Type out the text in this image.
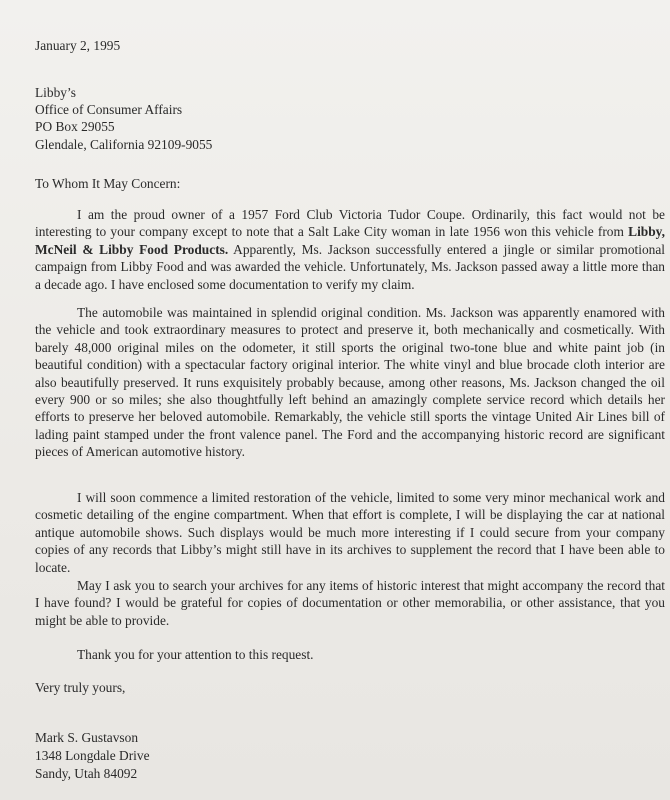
January 2, 1995

Libby’s
Office of Consumer Affairs
PO Box 29055
Glendale, California 92109-9055

To Whom It May Concern:

I am the proud owner of a 1957 Ford Club Victoria Tudor Coupe. Ordinarily, this fact would not be interesting to your company except to note that a Salt Lake City woman in late 1956 won this vehicle from Libby, McNeil & Libby Food Products. Apparently, Ms. Jackson successfully entered a jingle or similar promotional campaign from Libby Food and was awarded the vehicle. Unfortunately, Ms. Jackson passed away a little more than a decade ago. I have enclosed some documentation to verify my claim.

The automobile was maintained in splendid original condition. Ms. Jackson was apparently enamored with the vehicle and took extraordinary measures to protect and preserve it, both mechanically and cosmetically. With barely 48,000 original miles on the odometer, it still sports the original two-tone blue and white paint job (in beautiful condition) with a spectacular factory original interior. The white vinyl and blue brocade cloth interior are also beautifully preserved. It runs exquisitely probably because, among other reasons, Ms. Jackson changed the oil every 900 or so miles; she also thoughtfully left behind an amazingly complete service record which details her efforts to preserve her beloved automobile. Remarkably, the vehicle still sports the vintage United Air Lines bill of lading paint stamped under the front valence panel. The Ford and the accompanying historic record are significant pieces of American automotive history.

I will soon commence a limited restoration of the vehicle, limited to some very minor mechanical work and cosmetic detailing of the engine compartment. When that effort is complete, I will be displaying the car at national antique automobile shows. Such displays would be much more interesting if I could secure from your company copies of any records that Libby’s might still have in its archives to supplement the record that I have been able to locate.

May I ask you to search your archives for any items of historic interest that might accompany the record that I have found? I would be grateful for copies of documentation or other memorabilia, or other assistance, that you might be able to provide.

Thank you for your attention to this request.

Very truly yours,

Mark S. Gustavson
1348 Longdale Drive
Sandy, Utah 84092
